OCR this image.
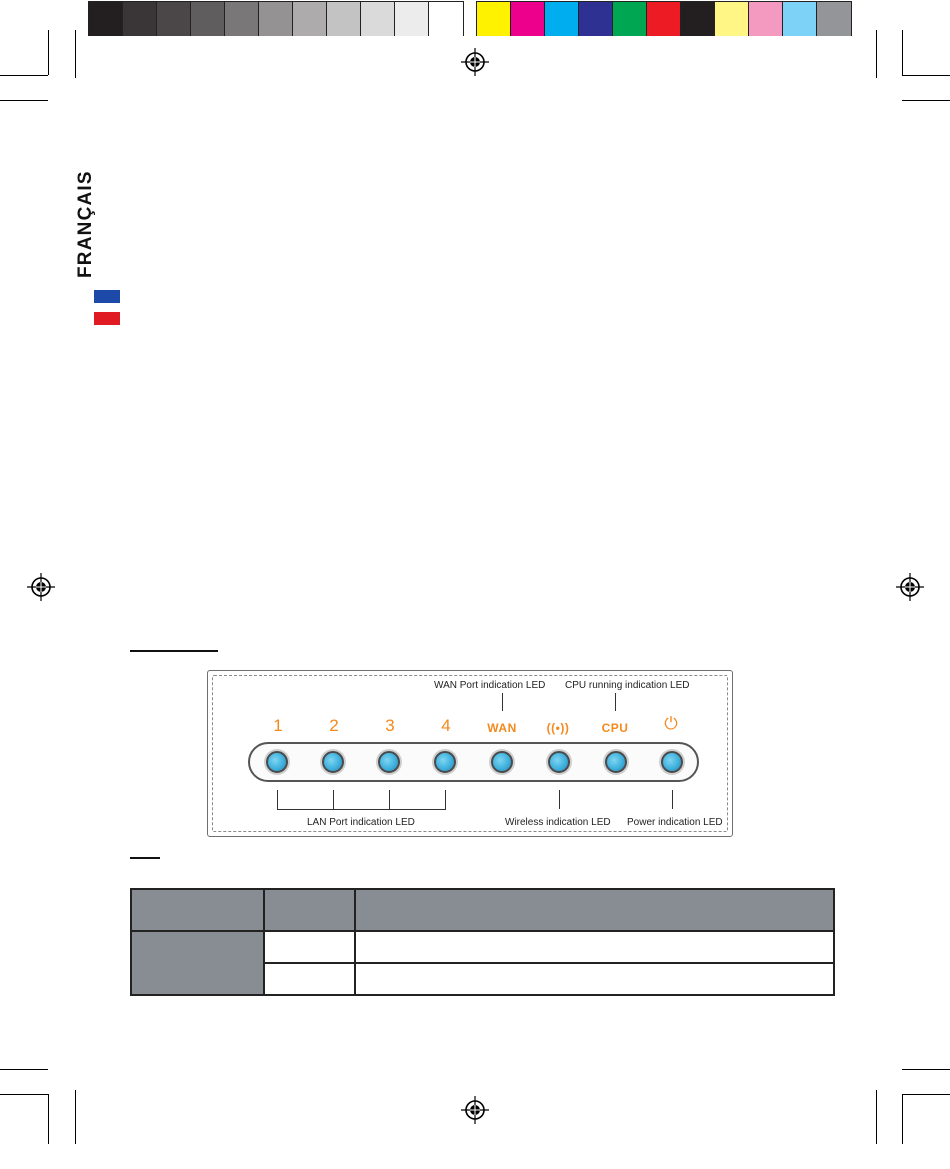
FRANÇAIS
WAN Port indication LED CPU running indication LED
1	2	3	4	WAN	((•))	CPU	⏻
LAN Port indication LED	Wireless indication LED Power indication LED
